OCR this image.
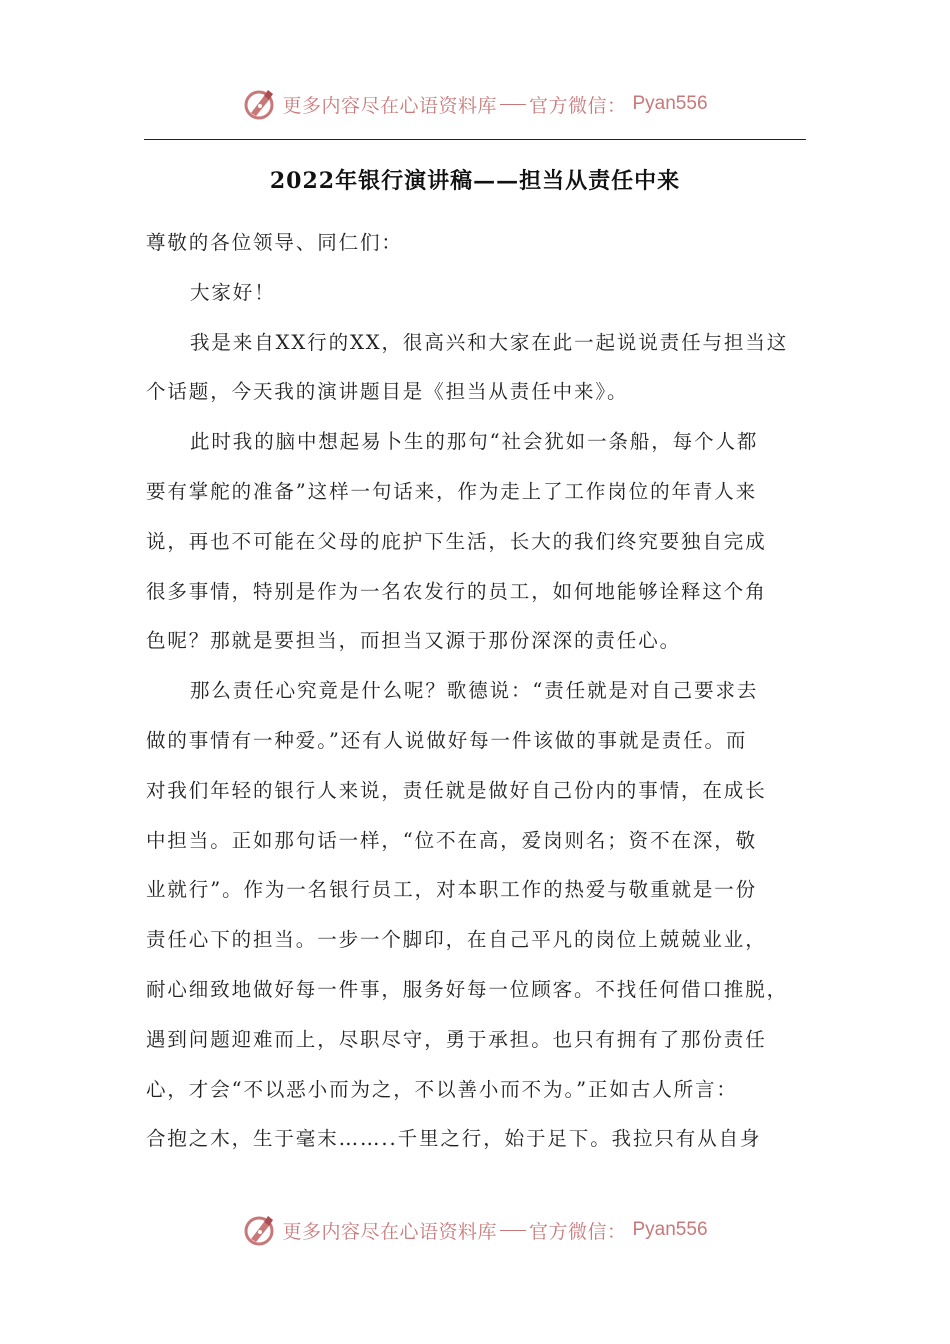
更多内容尽在心语资料库 官方微信： Pyan556
2022年银行演讲稿——担当从责任中来
尊敬的各位领导、同仁们：
大家好！
我是来自XX行的XX，很高兴和大家在此一起说说责任与担当这
个话题，今天我的演讲题目是《担当从责任中来》。
此时我的脑中想起易卜生的那句“社会犹如一条船，每个人都
要有掌舵的准备”这样一句话来，作为走上了工作岗位的年青人来
说，再也不可能在父母的庇护下生活，长大的我们终究要独自完成
很多事情，特别是作为一名农发行的员工，如何地能够诠释这个角
色呢？那就是要担当，而担当又源于那份深深的责任心。
那么责任心究竟是什么呢？歌德说：“责任就是对自己要求去
做的事情有一种爱。”还有人说做好每一件该做的事就是责任。而
对我们年轻的银行人来说，责任就是做好自己份内的事情，在成长
中担当。正如那句话一样，“位不在高，爱岗则名；资不在深，敬
业就行”。作为一名银行员工，对本职工作的热爱与敬重就是一份
责任心下的担当。一步一个脚印，在自己平凡的岗位上兢兢业业，
耐心细致地做好每一件事，服务好每一位顾客。不找任何借口推脱，
遇到问题迎难而上，尽职尽守，勇于承担。也只有拥有了那份责任
心，才会“不以恶小而为之，不以善小而不为。”正如古人所言：
合抱之木，生于毫末……..千里之行，始于足下。我拉只有从自身
更多内容尽在心语资料库 官方微信： Pyan556
